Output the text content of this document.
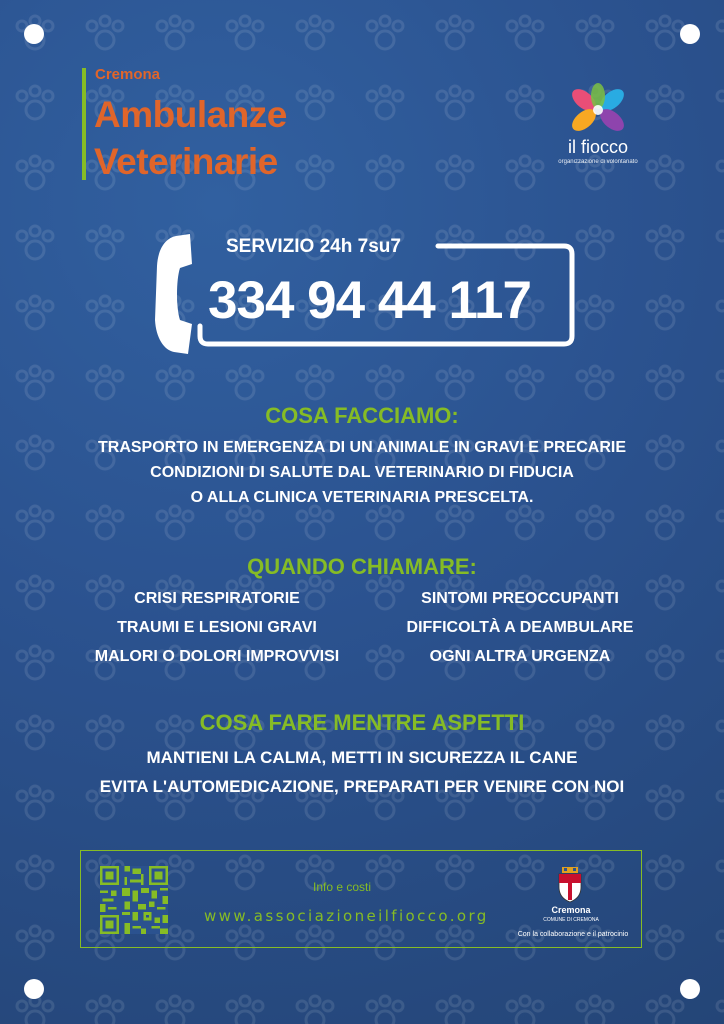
Cremona
Ambulanze
Veterinarie	il fiocco
organizzazione di volontariato
SERVIZIO 24h 7su7
334 94 44 117
COSA FACCIAMO:
TRASPORTO IN EMERGENZA DI UN ANIMALE IN GRAVI E PRECARIE
CONDIZIONI DI SALUTE DAL VETERINARIO DI FIDUCIA
O ALLA CLINICA VETERINARIA PRESCELTA.
QUANDO CHIAMARE:
CRISI RESPIRATORIE
TRAUMI E LESIONI GRAVI
MALORI O DOLORI IMPROVVISI
SINTOMI PREOCCUPANTI
DIFFICOLTÀ A DEAMBULARE
OGNI ALTRA URGENZA
COSA FARE MENTRE ASPETTI
MANTIENI LA CALMA, METTI IN SICUREZZA IL CANE
EVITA L'AUTOMEDICAZIONE, PREPARATI PER VENIRE CON NOI
Info e costi
www.associazioneilfiocco.org	Cremona
COMUNE DI CREMONA
Con la collaborazione e il patrocinio
